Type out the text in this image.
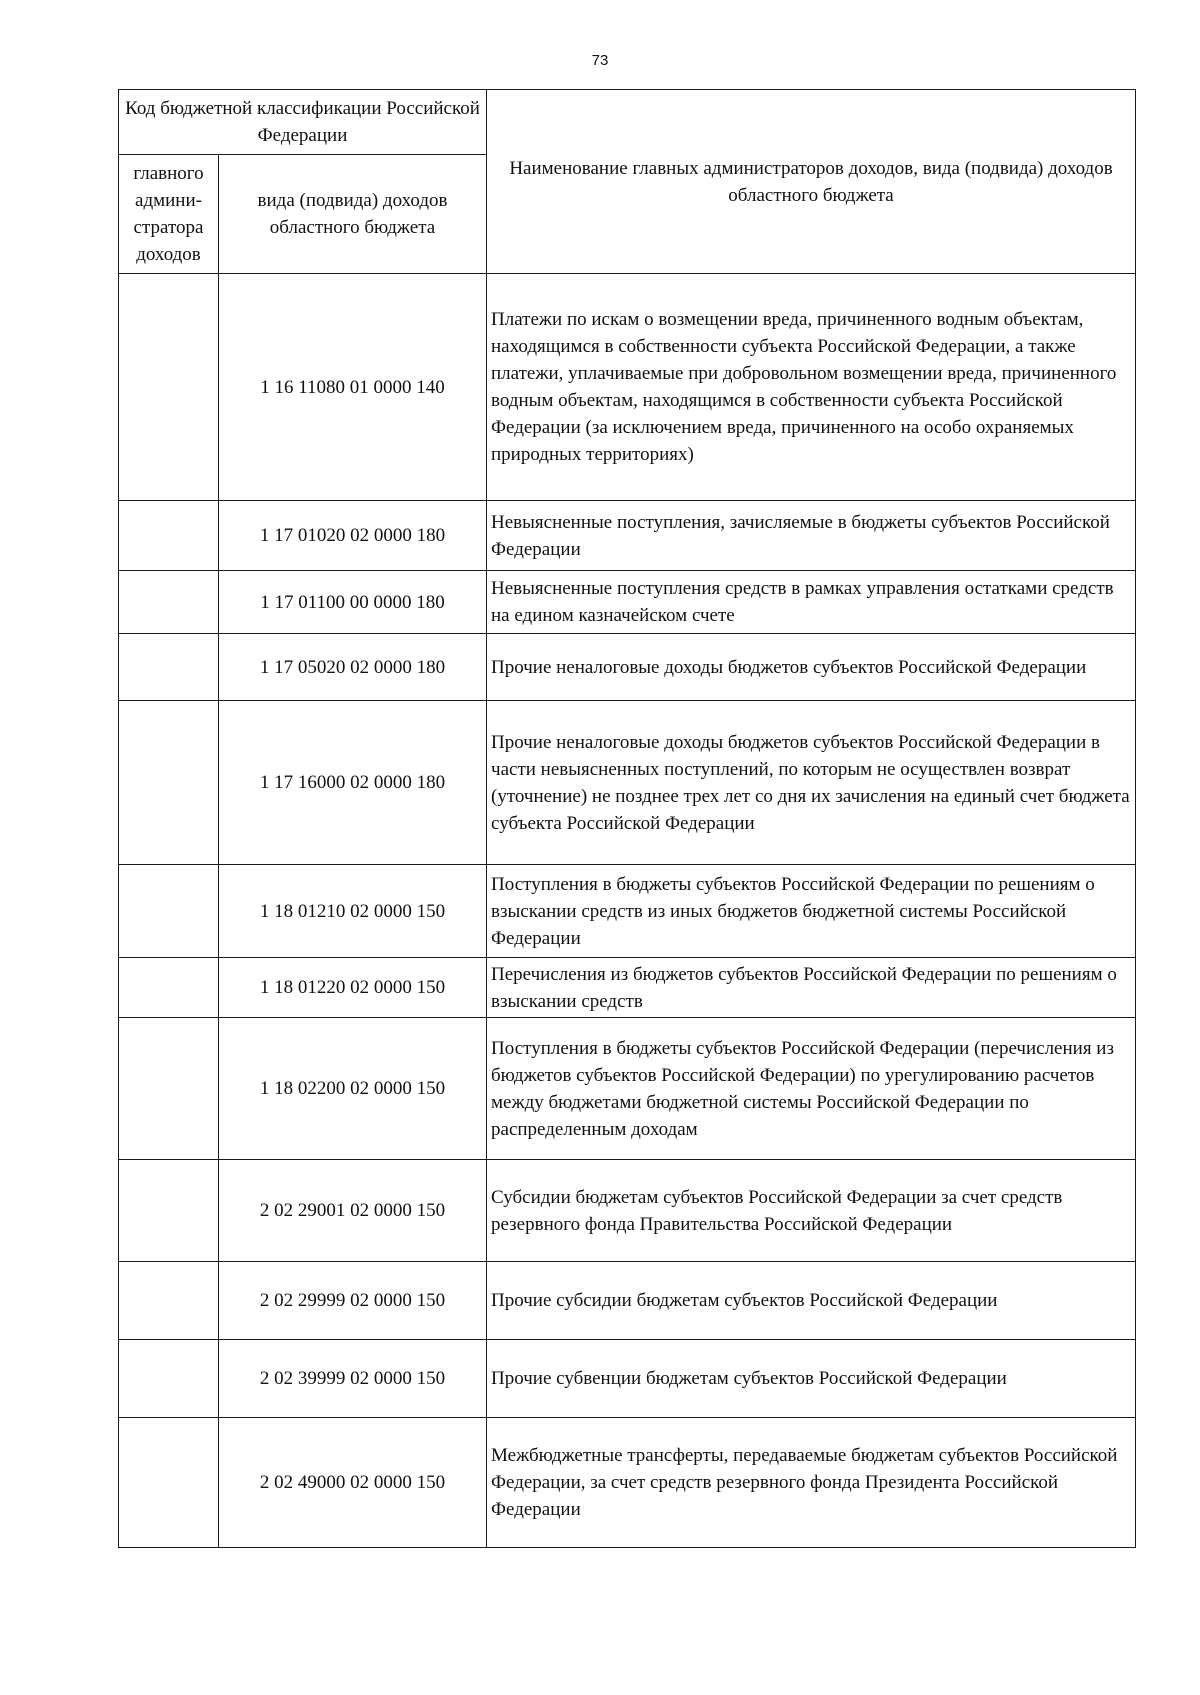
73
Код бюджетной классификации Российской Федерации		Наименование главных администраторов доходов, вида (подвида) доходов областного бюджета
главного админи-стратора доходов	вида (подвида) доходов областного бюджета	
	1 16 11080 01 0000 140	Платежи по искам о возмещении вреда, причиненного водным объектам, находящимся в собственности субъекта Российской Федерации, а также платежи, уплачиваемые при добровольном возмещении вреда, причиненного водным объектам, находящимся в собственности субъекта Российской Федерации (за исключением вреда, причиненного на особо охраняемых природных территориях)
	1 17 01020 02 0000 180	Невыясненные поступления, зачисляемые в бюджеты субъектов Российской Федерации
	1 17 01100 00 0000 180	Невыясненные поступления средств в рамках управления остатками средств на едином казначейском счете
	1 17 05020 02 0000 180	Прочие неналоговые доходы бюджетов субъектов Российской Федерации
	1 17 16000 02 0000 180	Прочие неналоговые доходы бюджетов субъектов Российской Федерации в части невыясненных поступлений, по которым не осуществлен возврат (уточнение) не позднее трех лет со дня их зачисления на единый счет бюджета субъекта Российской Федерации
	1 18 01210 02 0000 150	Поступления в бюджеты субъектов Российской Федерации по решениям о взыскании средств из иных бюджетов бюджетной системы Российской Федерации
	1 18 01220 02 0000 150	Перечисления из бюджетов субъектов Российской Федерации по решениям о взыскании средств
	1 18 02200 02 0000 150	Поступления в бюджеты субъектов Российской Федерации (перечисления из бюджетов субъектов Российской Федерации) по урегулированию расчетов между бюджетами бюджетной системы Российской Федерации по распределенным доходам
	2 02 29001 02 0000 150	Субсидии бюджетам субъектов Российской Федерации за счет средств резервного фонда Правительства Российской Федерации
	2 02 29999 02 0000 150	Прочие субсидии бюджетам субъектов Российской Федерации
	2 02 39999 02 0000 150	Прочие субвенции бюджетам субъектов Российской Федерации
	2 02 49000 02 0000 150	Межбюджетные трансферты, передаваемые бюджетам субъектов Российской Федерации, за счет средств резервного фонда Президента Российской Федерации
